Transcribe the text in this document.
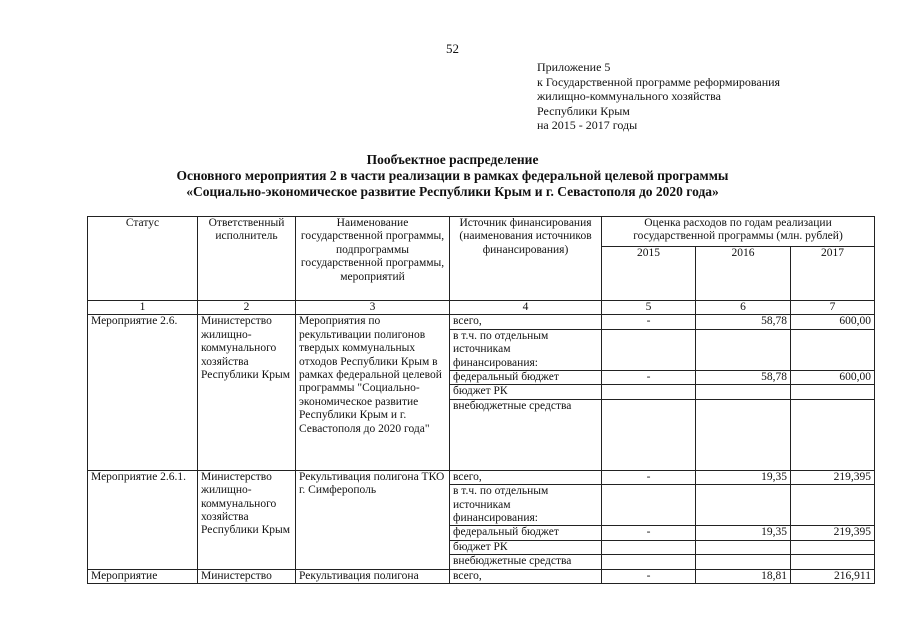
52
Приложение 5
к Государственной программе реформирования
жилищно-коммунального хозяйства
Республики Крым
на 2015 - 2017 годы
Пообъектное распределение
Основного мероприятия 2 в части реализации в рамках федеральной целевой программы
«Социально-экономическое развитие Республики Крым и г. Севастополя до 2020 года»
Статус	Ответственный исполнитель	Наименование государственной программы, подпрограммы государственной программы, мероприятий	Источник финансирования (наименования источников финансирования)	Оценка расходов по годам реализации государственной программы (млн. рублей)		
				2015	2016	2017
1	2	3	4	5	6	7
Мероприятие 2.6.	Министерство жилищно-коммунального хозяйства Республики Крым	Мероприятия по рекультивации полигонов твердых коммунальных отходов Республики Крым в рамках федеральной целевой программы "Социально-экономическое развитие Республики Крым и г. Севастополя до 2020 года"	всего,	-	58,78	600,00
			в т.ч. по отдельным источникам финансирования:			
			федеральный бюджет	-	58,78	600,00
			бюджет РК			
			внебюджетные средства			
Мероприятие 2.6.1.	Министерство жилищно-коммунального хозяйства Республики Крым	Рекультивация полигона ТКО г. Симферополь	всего,	-	19,35	219,395
			в т.ч. по отдельным источникам финансирования:			
			федеральный бюджет	-	19,35	219,395
			бюджет РК			
			внебюджетные средства			
Мероприятие	Министерство	Рекультивация полигона	всего,	-	18,81	216,911
